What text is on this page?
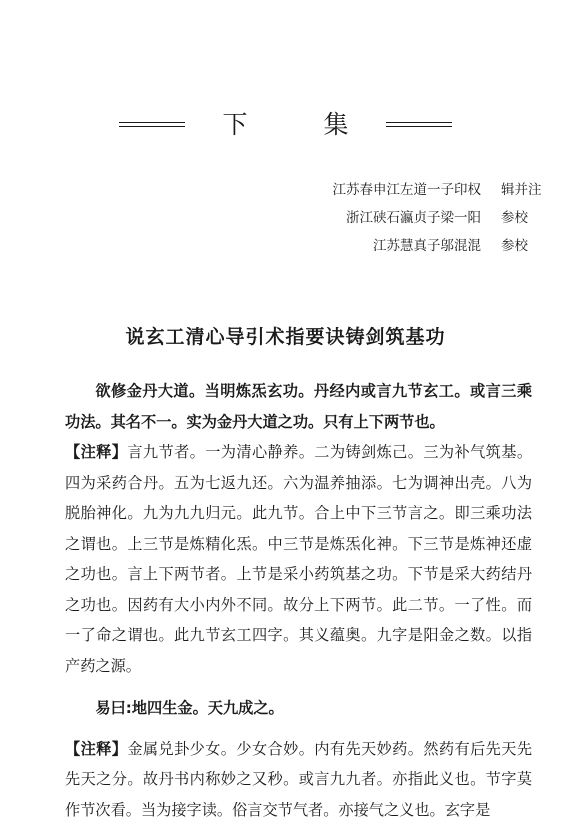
下 集
江苏春申江左道一子印权 辑并注
浙江硖石瀛贞子梁一阳 参校
江苏慧真子邬混混 参校
说玄工清心导引术指要诀铸剑筑基功

欲修金丹大道。当明炼炁玄功。丹经内或言九节玄工。或言三乘功法。其名不一。实为金丹大道之功。只有上下两节也。

【注释】言九节者。一为清心静养。二为铸剑炼己。三为补气筑基。四为采药合丹。五为七返九还。六为温养抽添。七为调神出壳。八为脱胎神化。九为九九归元。此九节。合上中下三节言之。即三乘功法之谓也。上三节是炼精化炁。中三节是炼炁化神。下三节是炼神还虚之功也。言上下两节者。上节是采小药筑基之功。下节是采大药结丹之功也。因药有大小内外不同。故分上下两节。此二节。一了性。而一了命之谓也。此九节玄工四字。其义蕴奥。九字是阳金之数。以指产药之源。

易曰:地四生金。天九成之。

【注释】金属兑卦少女。少女合妙。内有先天妙药。然药有后先天先先天之分。故丹书内称妙之又秒。或言九九者。亦指此义也。节字莫作节次看。当为接字读。俗言交节气者。亦接气之义也。玄字是
